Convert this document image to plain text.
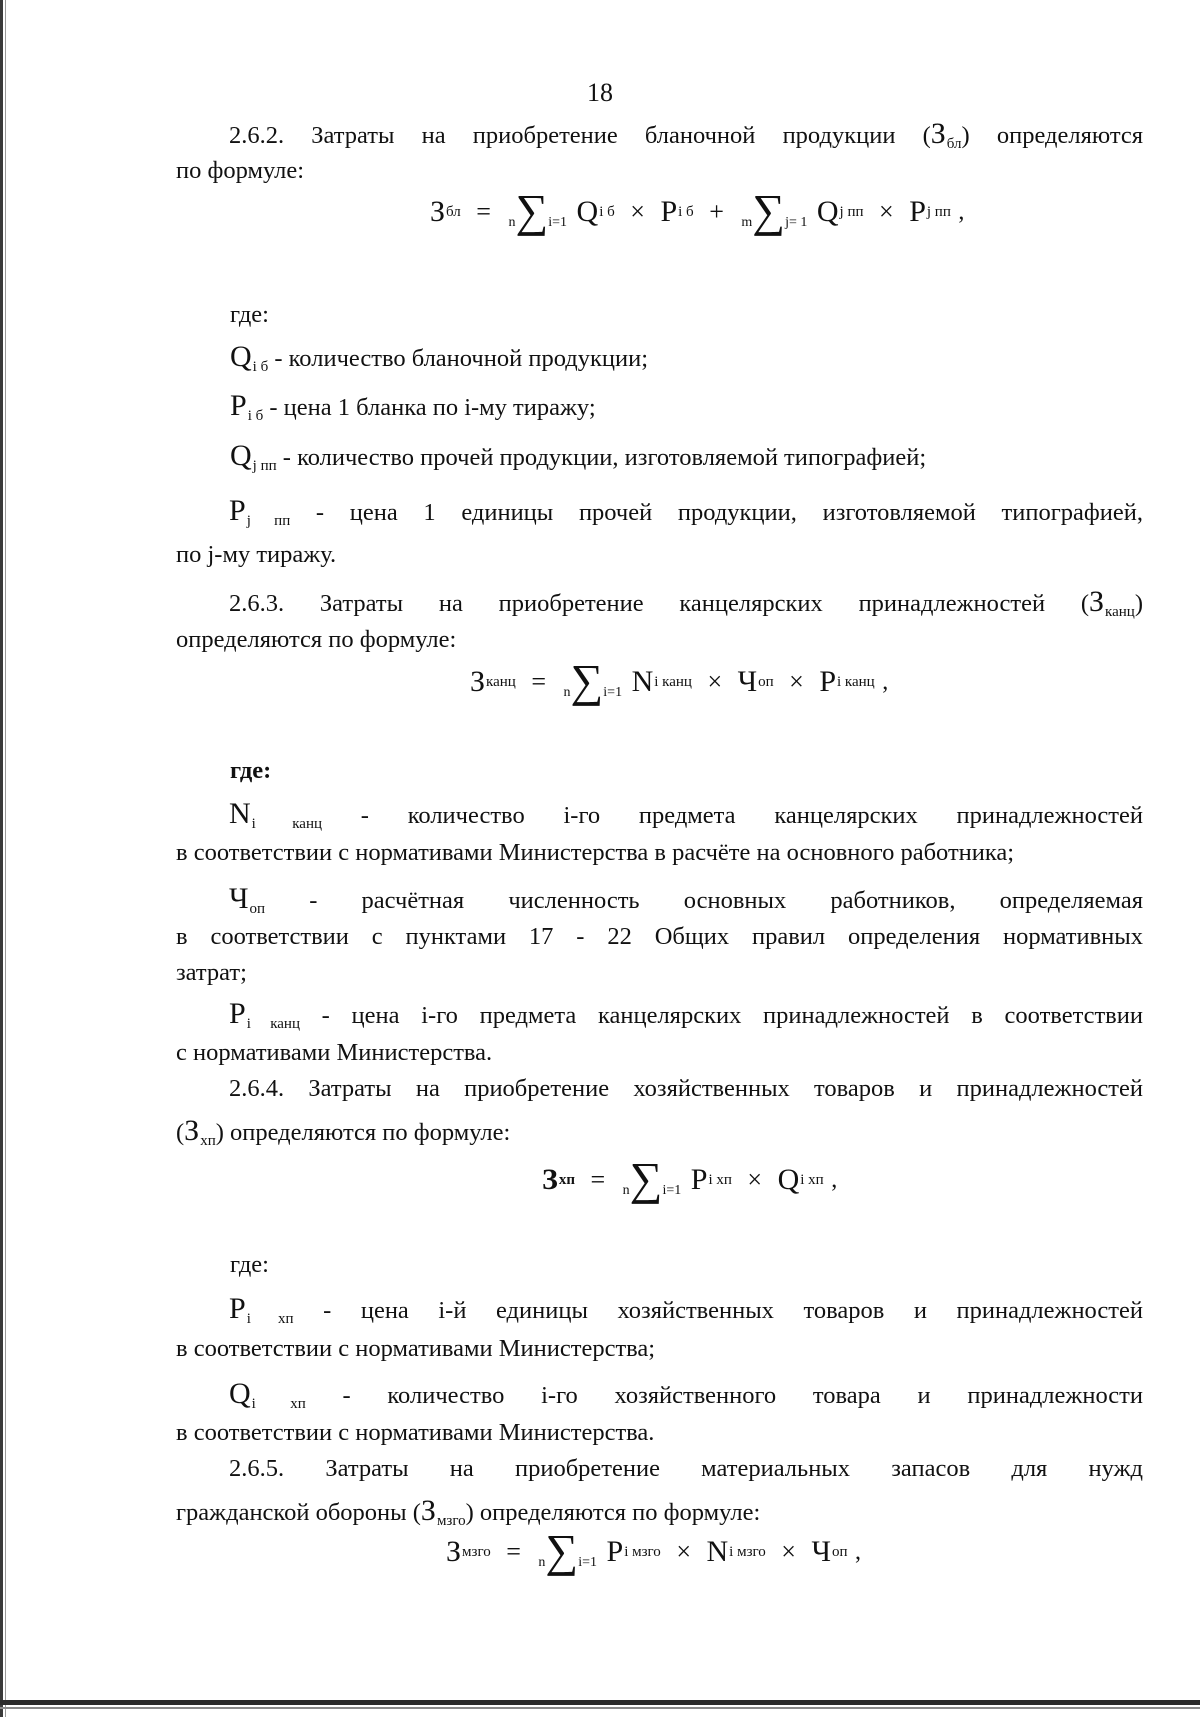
18

2.6.2. Затраты на приобретение бланочной продукции $(З_{бл})$ определяются

по формуле:

Збл = n∑i=1 Qi б × Pi б + m∑j= 1 Qj пп × Pj пп ,
где:
$Q_{i б}$ - количество бланочной продукции;
$P_{i б}$ - цена 1 бланка по i-му тиражу;
$Q_{j пп}$ - количество прочей продукции, изготовляемой типографией;

$P_{j пп}$ - цена 1 единицы прочей продукции, изготовляемой типографией,

по j-му тиражу.

2.6.3. Затраты на приобретение канцелярских принадлежностей $(З_{канц})$

определяются по формуле:

Зканц = n∑i=1 Ni канц × Чоп × Pi канц ,
где:

$N_{i канц}$ - количество i-го предмета канцелярских принадлежностей

в соответствии с нормативами Министерства в расчёте на основного работника;

$Ч_{оп}$ - расчётная численность основных работников, определяемая

в соответствии с пунктами 17 - 22 Общих правил определения нормативных

затрат;

$P_{i канц}$ - цена i-го предмета канцелярских принадлежностей в соответствии

с нормативами Министерства.

2.6.4. Затраты на приобретение хозяйственных товаров и принадлежностей

$(З_{хп})$ определяются по формуле:

Зхп = n∑i=1 Pi хп × Qi хп ,
где:

$P_{i хп}$ - цена i-й единицы хозяйственных товаров и принадлежностей

в соответствии с нормативами Министерства;

$Q_{i хп}$ - количество i-го хозяйственного товара и принадлежности

в соответствии с нормативами Министерства.

2.6.5. Затраты на приобретение материальных запасов для нужд

гражданской обороны $(З_{мзго})$ определяются по формуле:

Змзго = n∑i=1 Pi мзго × Ni мзго × Чоп ,
